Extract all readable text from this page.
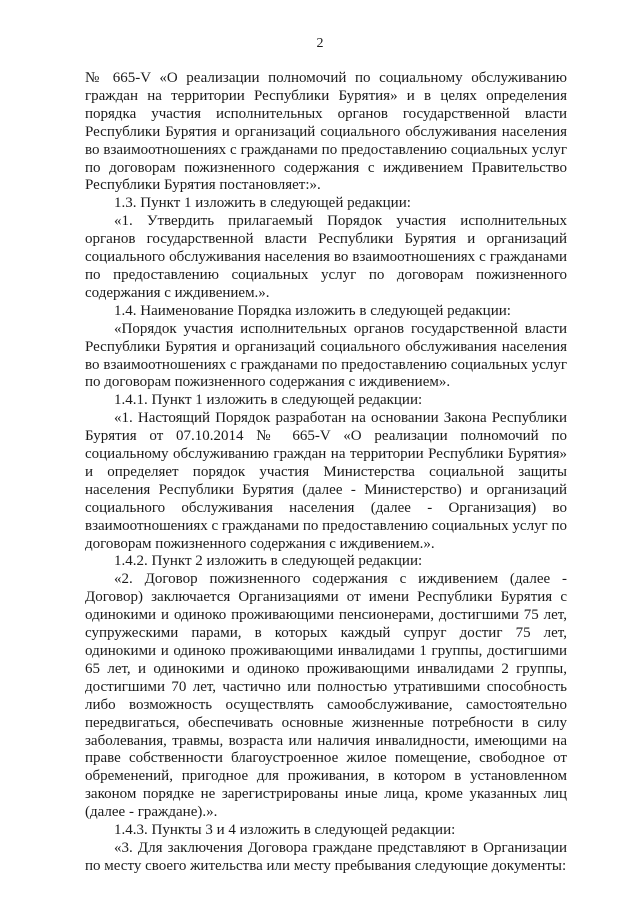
2

№ 665-V «О реализации полномочий по социальному обслуживанию граждан на территории Республики Бурятия» и в целях определения порядка участия исполнительных органов государственной власти Республики Бурятия и организаций социального обслуживания населения во взаимоотношениях с гражданами по предоставлению социальных услуг по договорам пожизненного содержания с иждивением Правительство Республики Бурятия постановляет:».

1.3. Пункт 1 изложить в следующей редакции:

«1. Утвердить прилагаемый Порядок участия исполнительных органов государственной власти Республики Бурятия и организаций социального обслуживания населения во взаимоотношениях с гражданами по предоставлению социальных услуг по договорам пожизненного содержания с иждивением.».

1.4. Наименование Порядка изложить в следующей редакции:

«Порядок участия исполнительных органов государственной власти Республики Бурятия и организаций социального обслуживания населения во взаимоотношениях с гражданами по предоставлению социальных услуг по договорам пожизненного содержания с иждивением».

1.4.1. Пункт 1 изложить в следующей редакции:

«1. Настоящий Порядок разработан на основании Закона Республики Бурятия от 07.10.2014 № 665-V «О реализации полномочий по социальному обслуживанию граждан на территории Республики Бурятия» и определяет порядок участия Министерства социальной защиты населения Республики Бурятия (далее - Министерство) и организаций социального обслуживания населения (далее - Организация) во взаимоотношениях с гражданами по предоставлению социальных услуг по договорам пожизненного содержания с иждивением.».

1.4.2. Пункт 2 изложить в следующей редакции:

«2. Договор пожизненного содержания с иждивением (далее - Договор) заключается Организациями от имени Республики Бурятия с одинокими и одиноко проживающими пенсионерами, достигшими 75 лет, супружескими парами, в которых каждый супруг достиг 75 лет, одинокими и одиноко проживающими инвалидами 1 группы, достигшими 65 лет, и одинокими и одиноко проживающими инвалидами 2 группы, достигшими 70 лет, частично или полностью утратившими способность либо возможность осуществлять самообслуживание, самостоятельно передвигаться, обеспечивать основные жизненные потребности в силу заболевания, травмы, возраста или наличия инвалидности, имеющими на праве собственности благоустроенное жилое помещение, свободное от обременений, пригодное для проживания, в котором в установленном законом порядке не зарегистрированы иные лица, кроме указанных лиц (далее - граждане).».

1.4.3. Пункты 3 и 4 изложить в следующей редакции:

«3. Для заключения Договора граждане представляют в Организации по месту своего жительства или месту пребывания следующие документы:
